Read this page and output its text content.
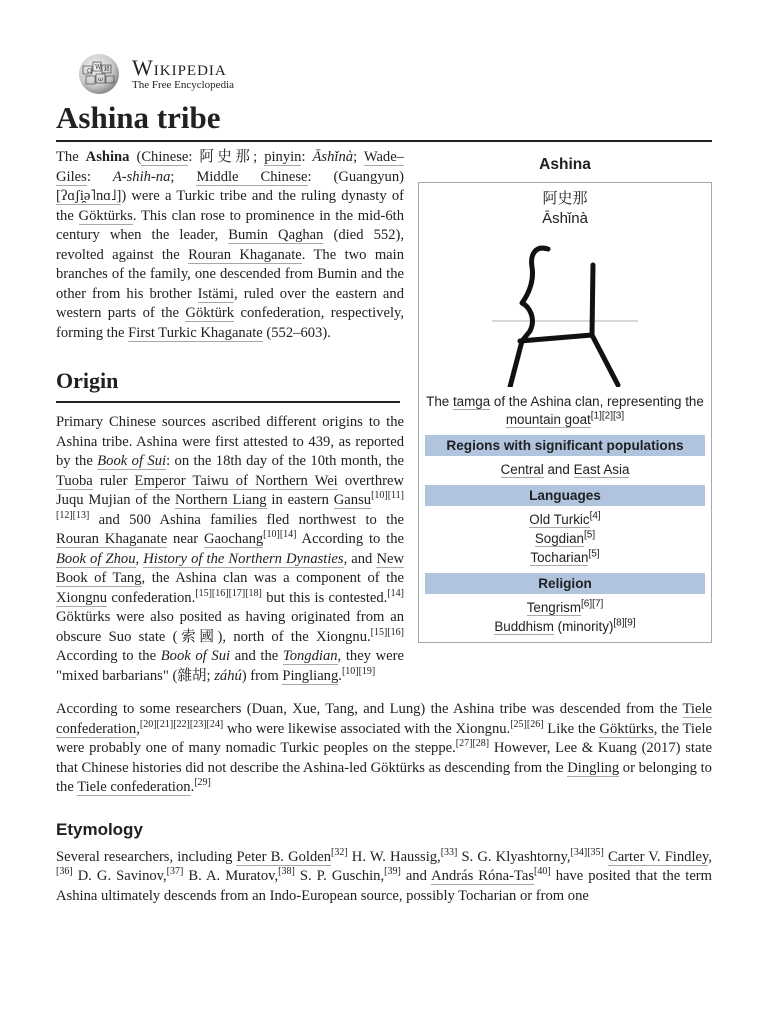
Ω
W И
ω Wikipedia
The Free Encyclopedia
Ashina tribe
Ashina
阿史那
Āshǐnà
The tamga of the Ashina clan, representing the mountain goat[1][2][3]
Regions with significant populations
Central and East Asia
Languages
Old Turkic[4]
Sogdian[5]
Tocharian[5]
Religion
Tengrism[6][7]
Buddhism (minority)[8][9]

The Ashina (Chinese: 阿史那; pinyin: Āshǐnà; Wade–Giles: A-shih-na; Middle Chinese: (Guangyun) [ʔɑʃi̯ə˥nɑ˩]) were a Turkic tribe and the ruling dynasty of the Göktürks. This clan rose to prominence in the mid-6th century when the leader, Bumin Qaghan (died 552), revolted against the Rouran Khaganate. The two main branches of the family, one descended from Bumin and the other from his brother Istämi, ruled over the eastern and western parts of the Göktürk confederation, respectively, forming the First Turkic Khaganate (552–603).

Origin

Primary Chinese sources ascribed different origins to the Ashina tribe. Ashina were first attested to 439, as reported by the Book of Sui: on the 18th day of the 10th month, the Tuoba ruler Emperor Taiwu of Northern Wei overthrew Juqu Mujian of the Northern Liang in eastern Gansu[10][11][12][13] and 500 Ashina families fled northwest to the Rouran Khaganate near Gaochang[10][14] According to the Book of Zhou, History of the Northern Dynasties, and New Book of Tang, the Ashina clan was a component of the Xiongnu confederation.[15][16][17][18] but this is contested.[14] Göktürks were also posited as having originated from an obscure Suo state (索國), north of the Xiongnu.[15][16] According to the Book of Sui and the Tongdian, they were "mixed barbarians" (雜胡; záhú) from Pingliang.[10][19]

According to some researchers (Duan, Xue, Tang, and Lung) the Ashina tribe was descended from the Tiele confederation,[20][21][22][23][24] who were likewise associated with the Xiongnu.[25][26] Like the Göktürks, the Tiele were probably one of many nomadic Turkic peoples on the steppe.[27][28] However, Lee & Kuang (2017) state that Chinese histories did not describe the Ashina-led Göktürks as descending from the Dingling or belonging to the Tiele confederation.[29]

Etymology

Several researchers, including Peter B. Golden[32] H. W. Haussig,[33] S. G. Klyashtorny,[34][35] Carter V. Findley,[36] D. G. Savinov,[37] B. A. Muratov,[38] S. P. Guschin,[39] and András Róna-Tas[40] have posited that the term Ashina ultimately descends from an Indo-European source, possibly Tocharian or from one
